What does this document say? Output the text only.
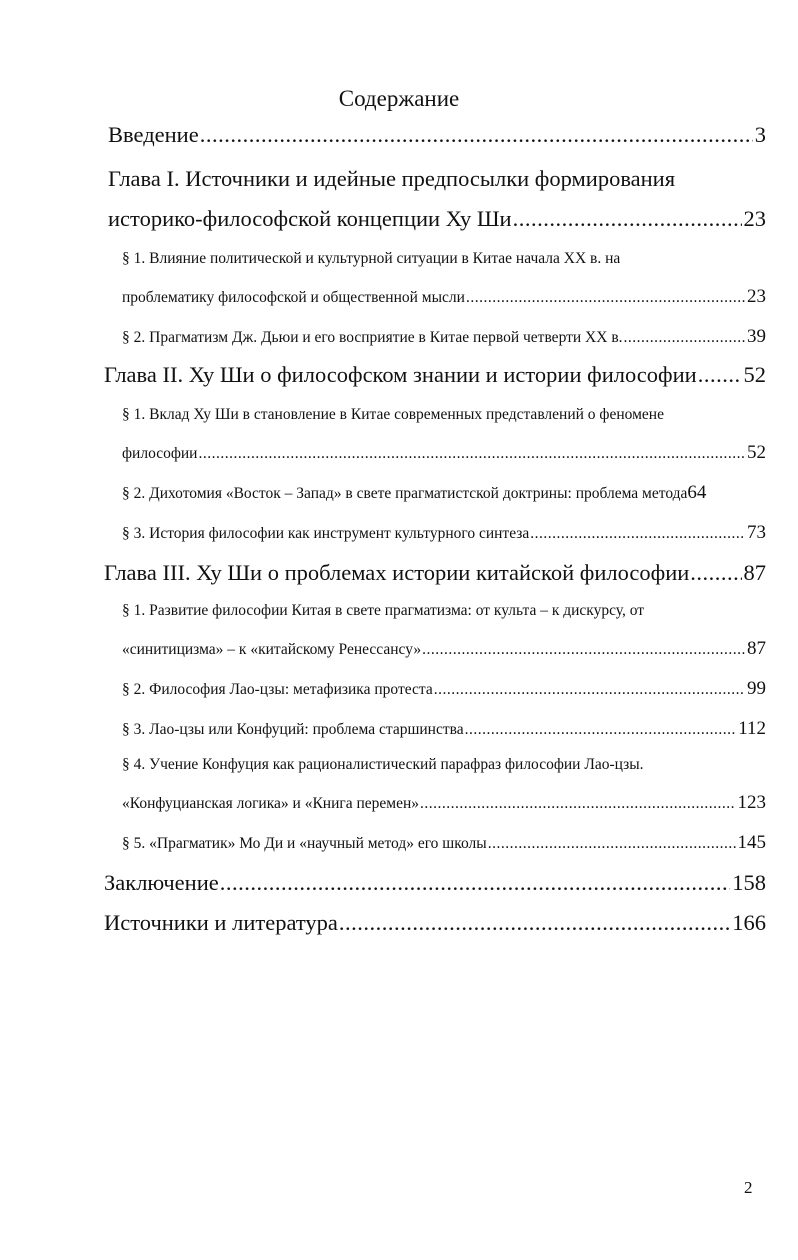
Содержание
Введение .....	3
Глава I. Источники и идейные предпосылки формирования
историко-философской концепции Ху Ши .....	23
§ 1. Влияние политической и культурной ситуации в Китае начала XX в. на
проблематику философской и общественной мысли .....	23
§ 2. Прагматизм Дж. Дьюи и его восприятие в Китае первой четверти XX в. .....	39
Глава II. Ху Ши о философском знании и истории философии ..... 52
§ 1. Вклад Ху Ши в становление в Китае современных представлений о феномене
философии .....	52
§ 2. Дихотомия «Восток – Запад» в свете прагматистской доктрины: проблема метода 64
§ 3. История философии как инструмент культурного синтеза .....	73
Глава III. Ху Ши о проблемах истории китайской философии ..... 87
§ 1. Развитие философии Китая в свете прагматизма: от культа – к дискурсу, от
«синитицизма» – к «китайскому Ренессансу» .....	87
§ 2. Философия Лао-цзы: метафизика протеста .....	99
§ 3. Лао-цзы или Конфуций: проблема старшинства .....	112
§ 4. Учение Конфуция как рационалистический парафраз философии Лао-цзы.
«Конфуцианская логика» и «Книга перемен» .....	123
§ 5. «Прагматик» Мо Ди и «научный метод» его школы .....	145
Заключение .....	158
Источники и литература .....	166
2
